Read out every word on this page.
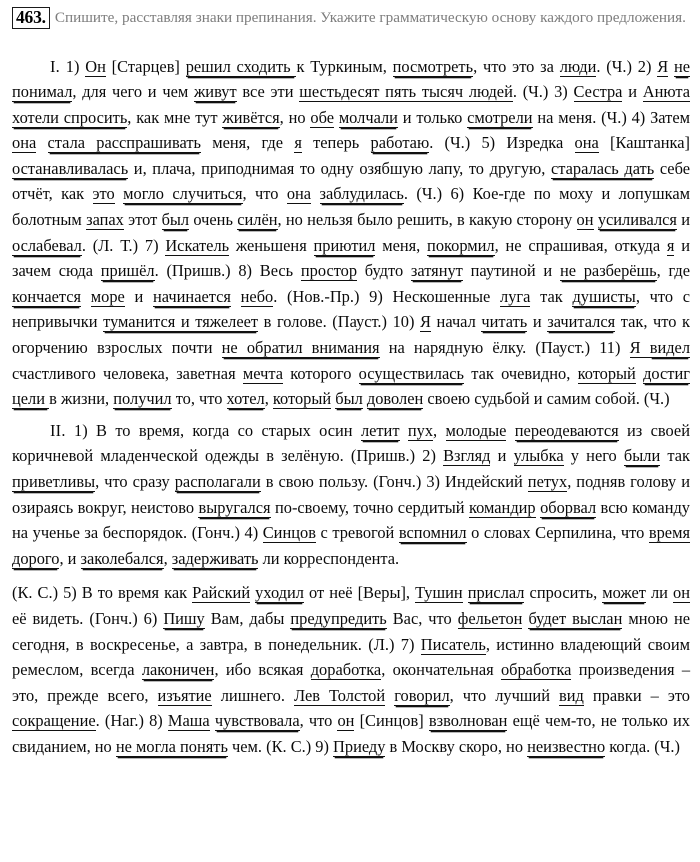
463. Спишите, расставляя знаки препинания. Укажите грамматическую основу каждого предложения.
I. 1) Он [Старцев] решил сходить к Туркиным, посмотреть, что это за люди. (Ч.) 2) Я не понимал, для чего и чем живут все эти шестьдесят пять тысяч людей. (Ч.) 3) Сестра и Анюта хотели спросить, как мне тут живётся, но обе молчали и только смотрели на меня. (Ч.) 4) Затем она стала расспрашивать меня, где я теперь работаю. (Ч.) 5) Изредка она [Каштанка] останавливалась и, плача, приподнимая то одну озябшую лапу, то другую, старалась дать себе отчёт, как это могло случиться, что она заблудилась. (Ч.) 6) Кое-где по моху и лопушкам болотным запах этот был очень силён, но нельзя было решить, в какую сторону он усиливался и ослабевал. (Л. Т.) 7) Искатель женьшеня приютил меня, покормил, не спрашивая, откуда я и зачем сюда пришёл. (Пришв.) 8) Весь простор будто затянут паутиной и не разберёшь, где кончается море и начинается небо. (Нов.-Пр.) 9) Нескошенные луга так душисты, что с непривычки туманится и тяжелеет в голове. (Пауст.) 10) Я начал читать и зачитался так, что к огорчению взрослых почти не обратил внимания на нарядную ёлку. (Пауст.) 11) Я видел счастливого человека, заветная мечта которого осуществилась так очевидно, который достиг цели в жизни, получил то, что хотел, который был доволен своею судьбой и самим собой. (Ч.)
II. 1) В то время, когда со старых осин летит пух, молодые переодеваются из своей коричневой младенческой одежды в зелёную. (Пришв.) 2) Взгляд и улыбка у него были так приветливы, что сразу располагали в свою пользу. (Гонч.) 3) Индейский петух, подняв голову и озираясь вокруг, неистово выругался по-своему, точно сердитый командир оборвал всю команду на ученье за беспорядок. (Гонч.) 4) Синцов с тревогой вспомнил о словах Серпилина, что время дорого, и заколебался, задерживать ли корреспондента.
(К. С.) 5) В то время как Райский уходил от неё [Веры], Тушин прислал спросить, может ли он её видеть. (Гонч.) 6) Пишу Вам, дабы предупредить Вас, что фельетон будет выслан мною не сегодня, в воскресенье, а завтра, в понедельник. (Л.) 7) Писатель, истинно владеющий своим ремеслом, всегда лаконичен, ибо всякая доработка, окончательная обработка произведения – это, прежде всего, изъятие лишнего. Лев Толстой говорил, что лучший вид правки – это сокращение. (Наг.) 8) Маша чувствовала, что он [Синцов] взволнован ещё чем-то, не только их свиданием, но не могла понять чем. (К. С.) 9) Приеду в Москву скоро, но неизвестно когда. (Ч.)
